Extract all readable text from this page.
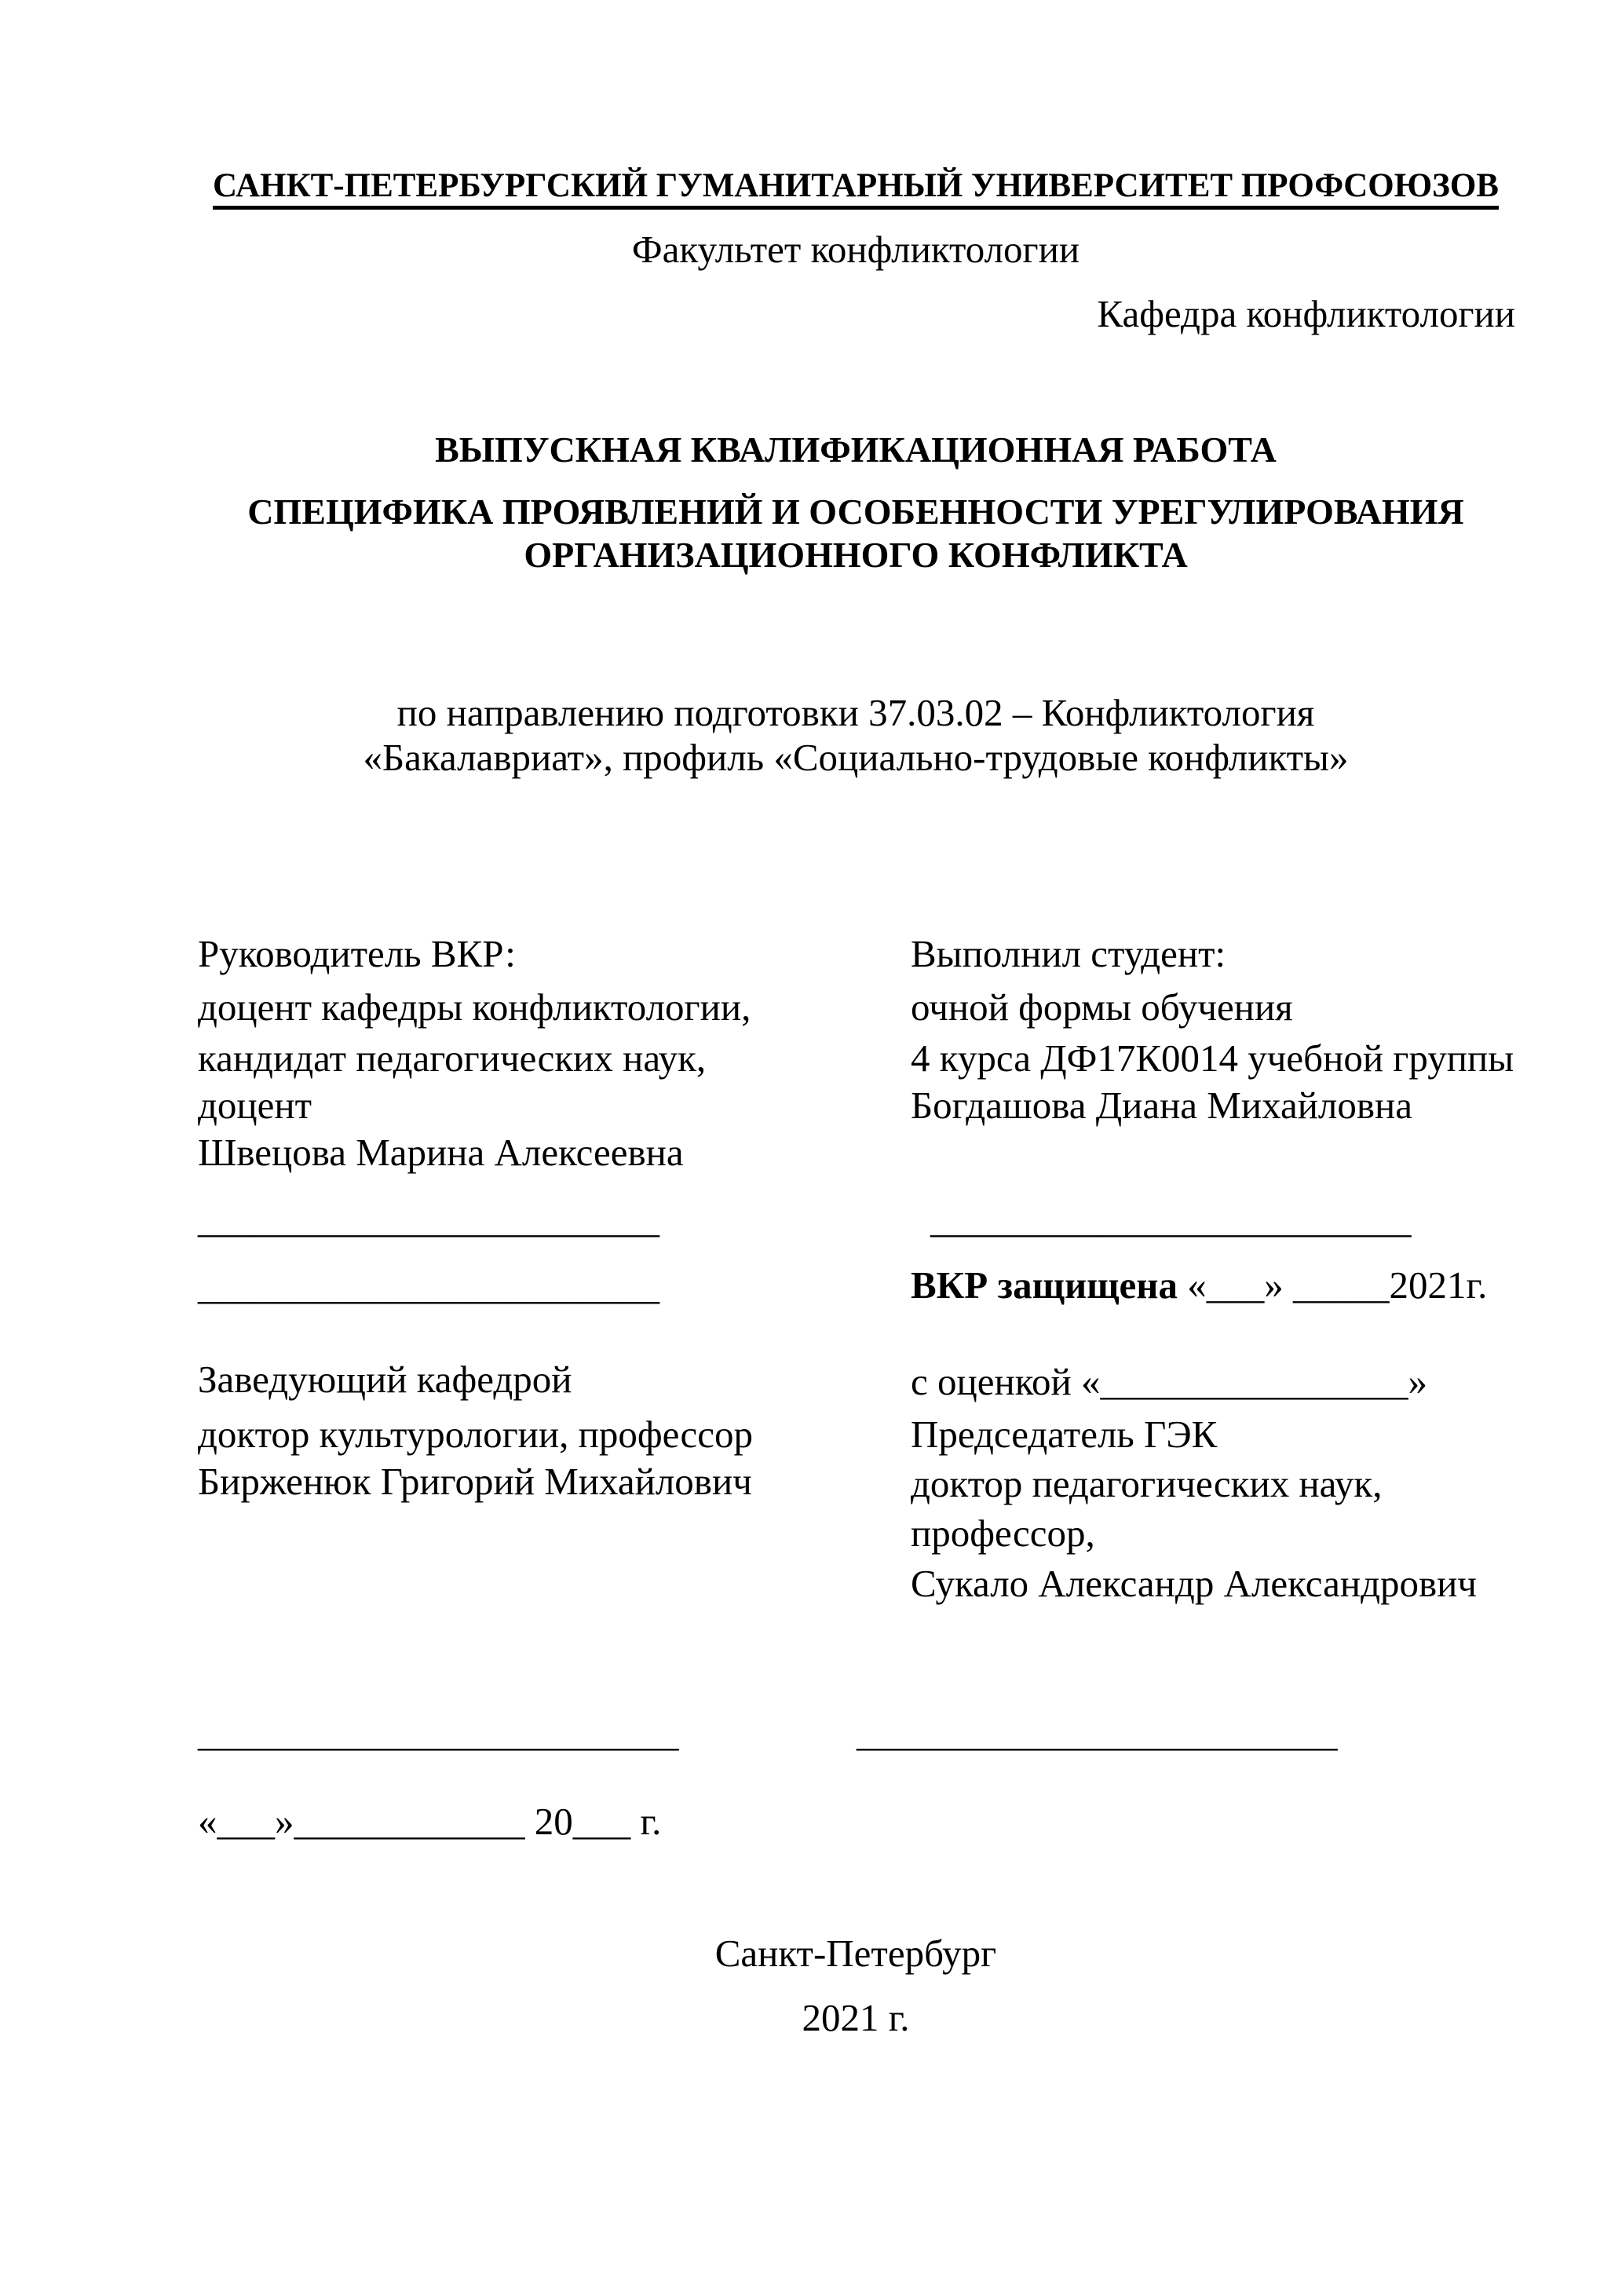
САНКТ-ПЕТЕРБУРГСКИЙ ГУМАНИТАРНЫЙ УНИВЕРСИТЕТ ПРОФСОЮЗОВ
Факультет конфликтологии
Кафедра конфликтологии
ВЫПУСКНАЯ КВАЛИФИКАЦИОННАЯ РАБОТА
СПЕЦИФИКА ПРОЯВЛЕНИЙ И ОСОБЕННОСТИ УРЕГУЛИРОВАНИЯ
ОРГАНИЗАЦИОННОГО КОНФЛИКТА
по направлению подготовки 37.03.02 – Конфликтология
«Бакалавриат», профиль «Социально-трудовые конфликты»
Руководитель ВКР:
доцент кафедры конфликтологии,
кандидат педагогических наук,
доцент
Швецова Марина Алексеевна
________________________
________________________
Выполнил студент:
очной формы обучения
4 курса ДФ17К0014 учебной группы
Богдашова Диана Михайловна
_________________________
ВКР защищена «___» _____2021г.
с оценкой «________________»
Заведующий кафедрой
доктор культурологии, профессор
Бирженюк Григорий Михайлович
Председатель ГЭК
доктор педагогических наук,
профессор,
Сукало Александр Александрович
_________________________	_________________________
«___»____________ 20___ г.
Санкт-Петербург
2021 г.
